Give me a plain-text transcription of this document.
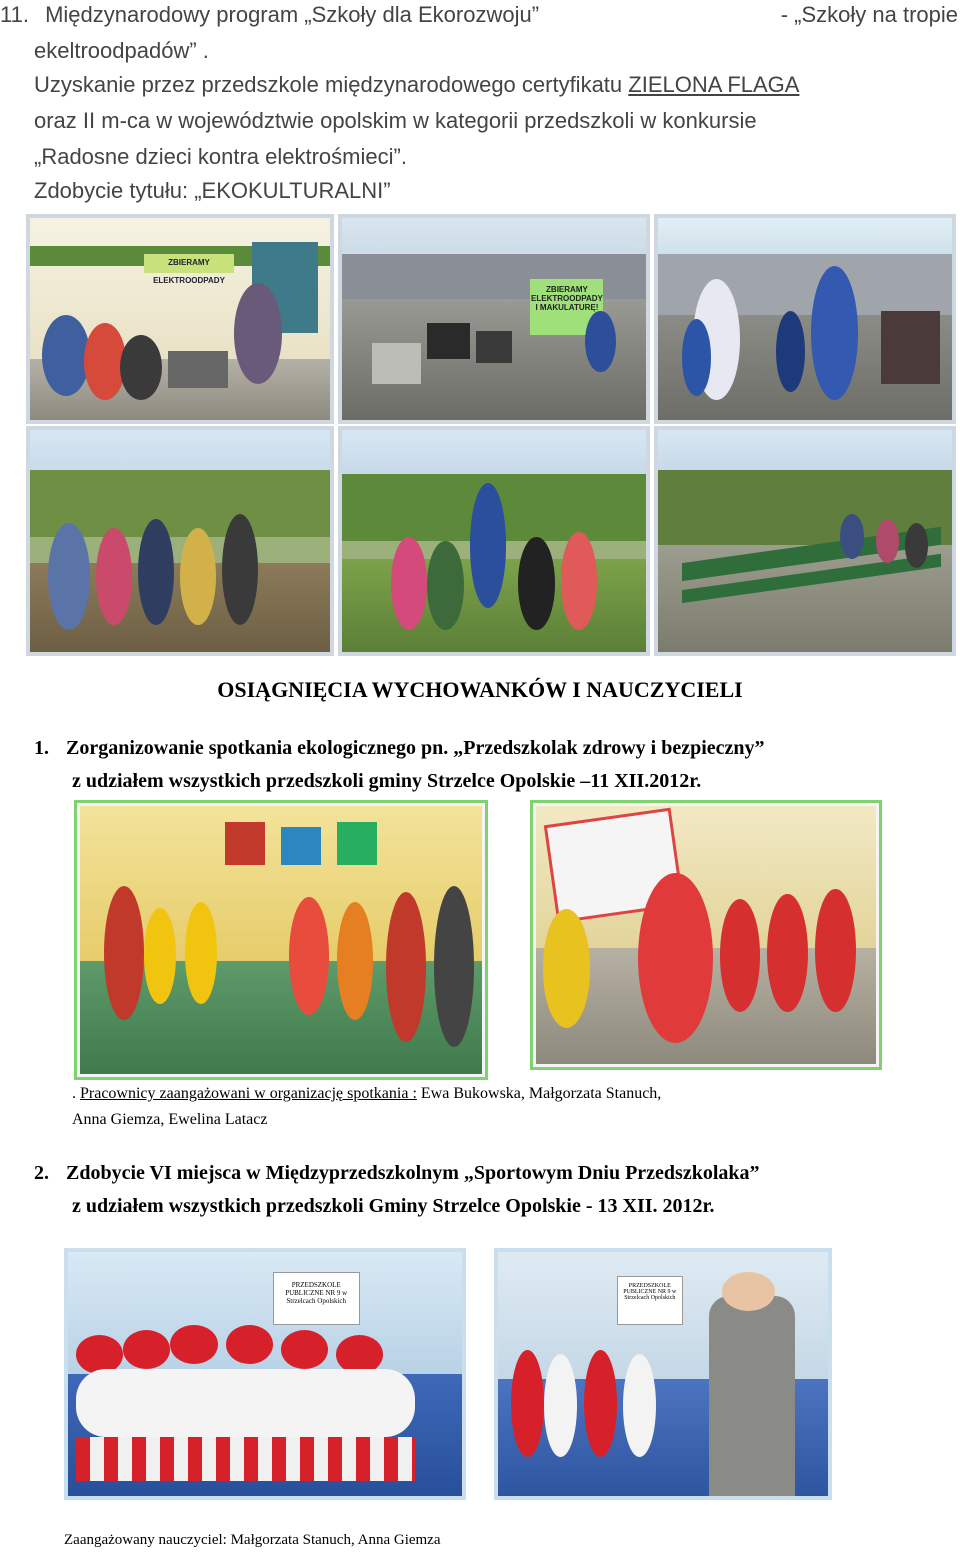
11. Międzynarodowy program „Szkoły dla Ekorozwoju”	- „Szkoły na tropie
ekeltroodpadów” .
Uzyskanie przez przedszkole międzynarodowego certyfikatu ZIELONA FLAGA
oraz II m-ca w województwie opolskim w kategorii przedszkoli w konkursie
„Radosne dzieci kontra elektrośmieci”.
Zdobycie tytułu: „EKOKULTURALNI”
ZBIERAMY ELEKTROODPADY
ZBIERAMY ELEKTROODPADY I MAKULATURĘ!
OSIĄGNIĘCIA WYCHOWANKÓW I NAUCZYCIELI
1. Zorganizowanie spotkania ekologicznego pn. „Przedszkolak zdrowy i bezpieczny”
z udziałem wszystkich przedszkoli gminy Strzelce Opolskie –11 XII.2012r.
. Pracownicy zaangażowani w organizację spotkania : Ewa Bukowska, Małgorzata Stanuch,
Anna Giemza, Ewelina Latacz
2. Zdobycie VI miejsca w Międzyprzedszkolnym „Sportowym Dniu Przedszkolaka”
z udziałem wszystkich przedszkoli Gminy Strzelce Opolskie - 13 XII. 2012r.
PRZEDSZKOLE PUBLICZNE NR 9 w Strzelcach Opolskich
PRZEDSZKOLE PUBLICZNE NR 9 w Strzelcach Opolskich
Zaangażowany nauczyciel: Małgorzata Stanuch, Anna Giemza
